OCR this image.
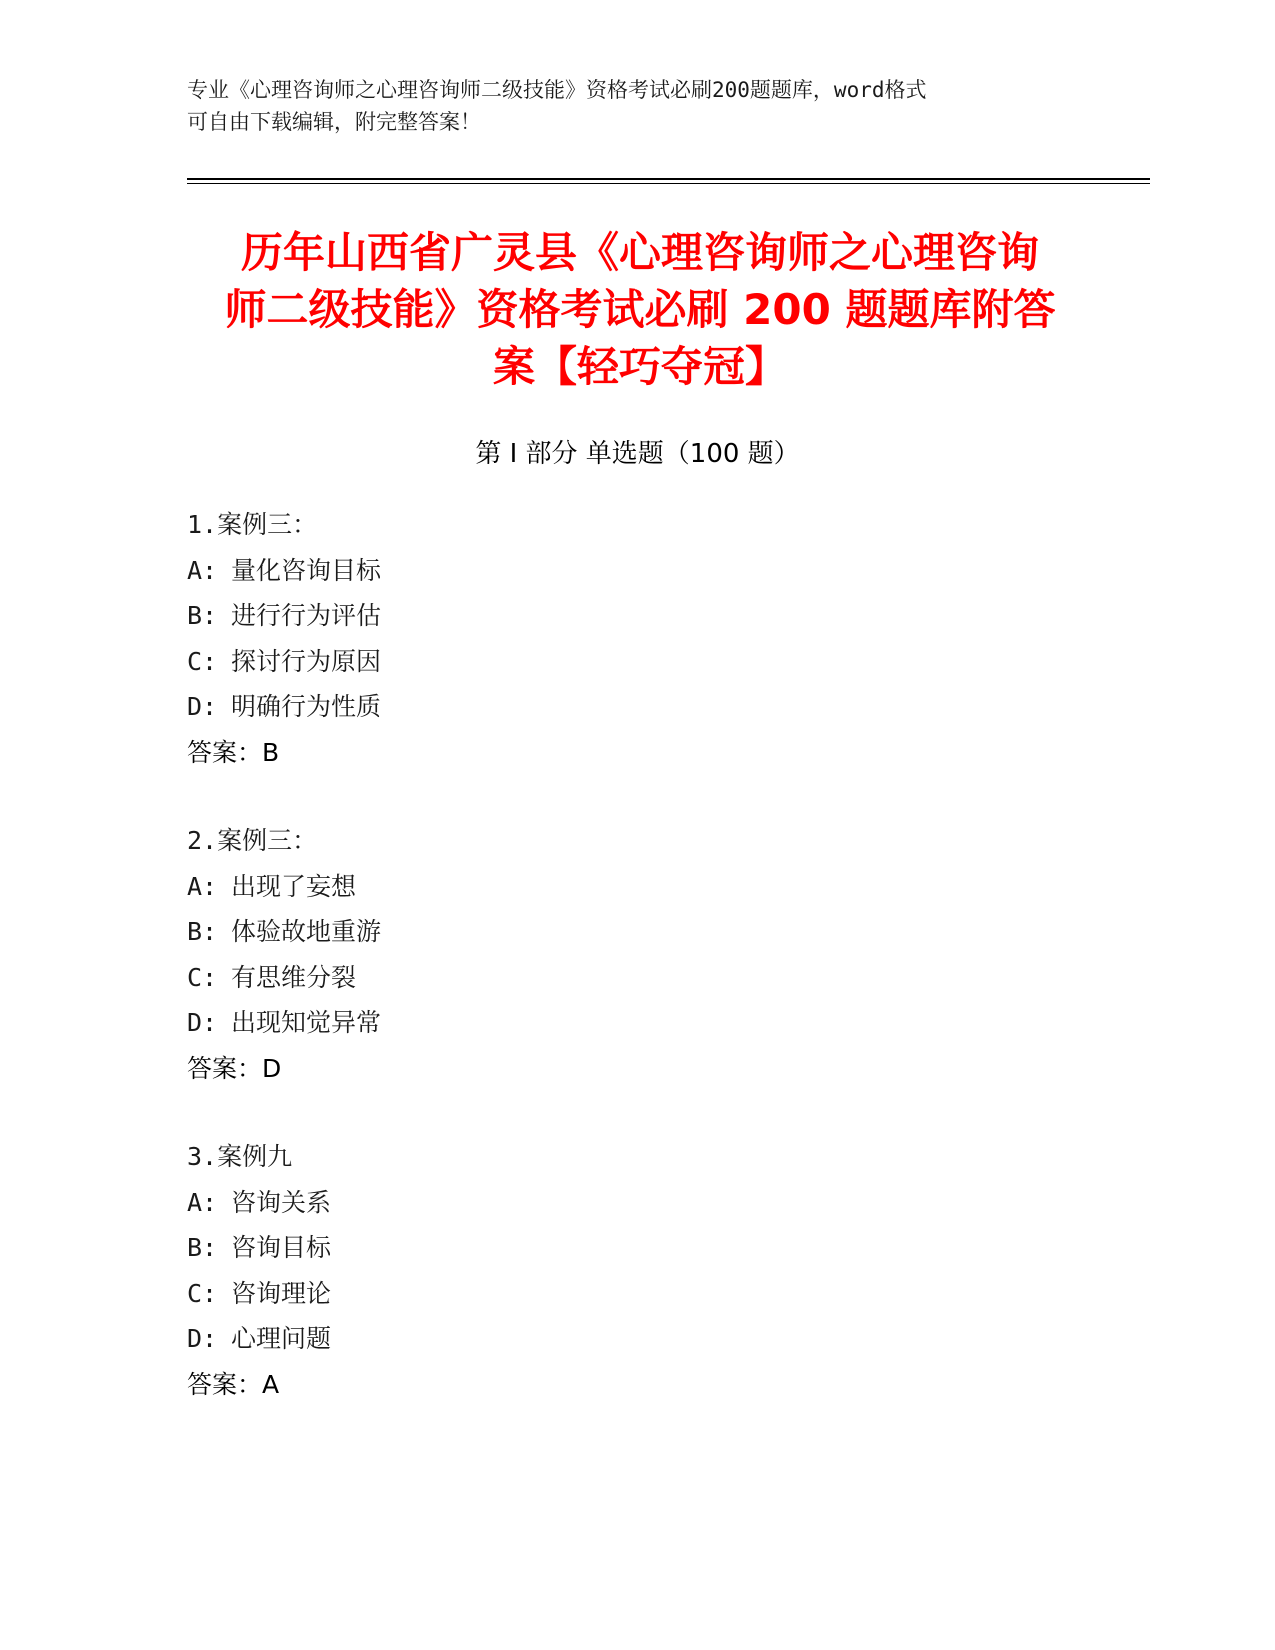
专业《心理咨询师之心理咨询师二级技能》资格考试必刷200题题库，word格式
可自由下载编辑，附完整答案！
历年山西省广灵县《心理咨询师之心理咨询
师二级技能》资格考试必刷 200 题题库附答
案【轻巧夺冠】
第 I 部分 单选题（100 题）
1.案例三：
A: 量化咨询目标
B: 进行行为评估
C: 探讨行为原因
D: 明确行为性质
答案：B
2.案例三：
A: 出现了妄想
B: 体验故地重游
C: 有思维分裂
D: 出现知觉异常
答案：D
3.案例九
A: 咨询关系
B: 咨询目标
C: 咨询理论
D: 心理问题
答案：A
